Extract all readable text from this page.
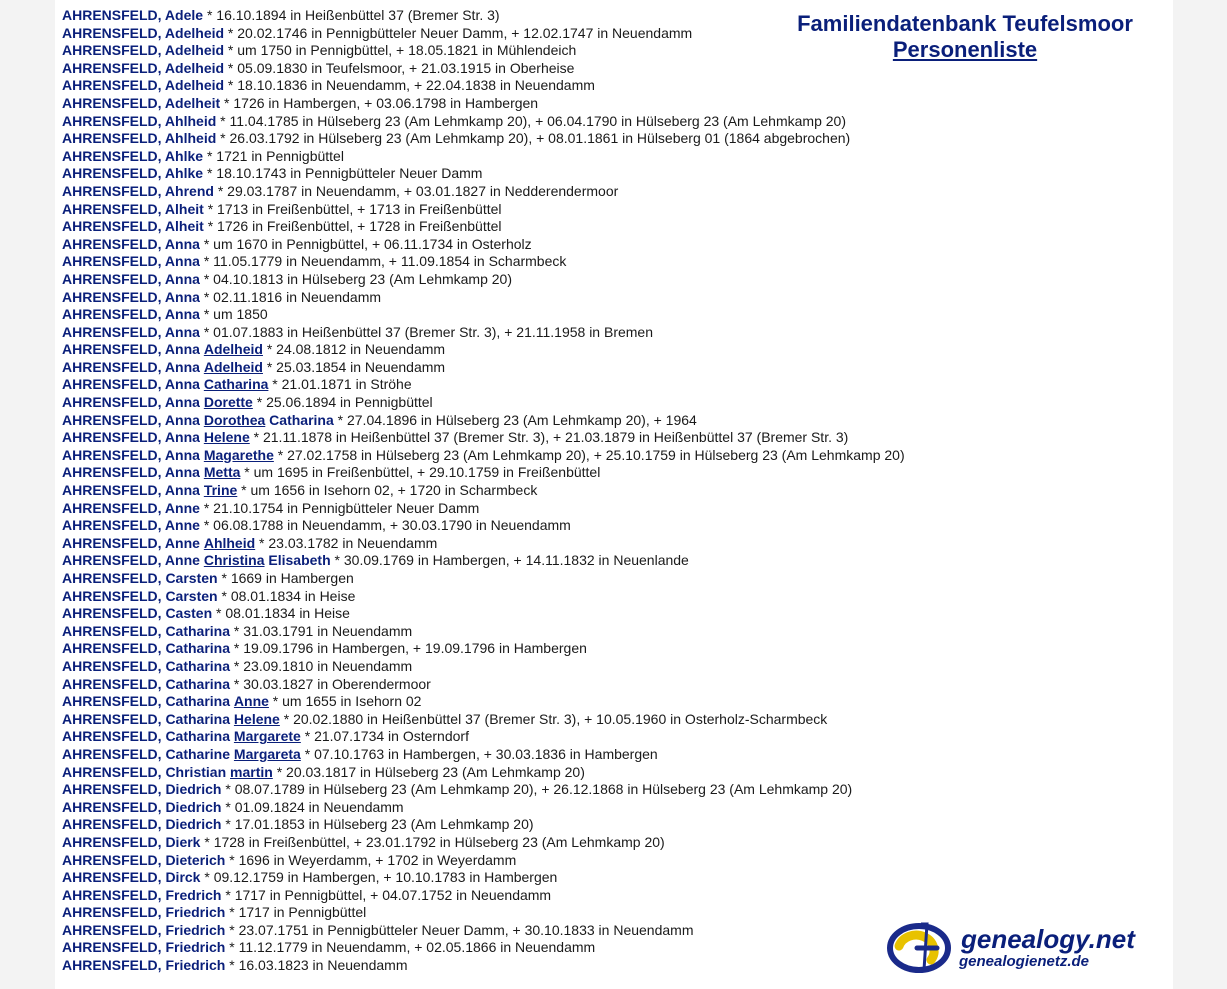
AHRENSFELD, Adele * 16.10.1894 in Heißenbüttel 37 (Bremer Str. 3)
AHRENSFELD, Adelheid * 20.02.1746 in Pennigbütteler Neuer Damm, + 12.02.1747 in Neuendamm
AHRENSFELD, Adelheid * um 1750 in Pennigbüttel, + 18.05.1821 in Mühlendeich
AHRENSFELD, Adelheid * 05.09.1830 in Teufelsmoor, + 21.03.1915 in Oberheise
AHRENSFELD, Adelheid * 18.10.1836 in Neuendamm, + 22.04.1838 in Neuendamm
AHRENSFELD, Adelheit * 1726 in Hambergen, + 03.06.1798 in Hambergen
AHRENSFELD, Ahlheid * 11.04.1785 in Hülseberg 23 (Am Lehmkamp 20), + 06.04.1790 in Hülseberg 23 (Am Lehmkamp 20)
AHRENSFELD, Ahlheid * 26.03.1792 in Hülseberg 23 (Am Lehmkamp 20), + 08.01.1861 in Hülseberg 01 (1864 abgebrochen)
AHRENSFELD, Ahlke * 1721 in Pennigbüttel
AHRENSFELD, Ahlke * 18.10.1743 in Pennigbütteler Neuer Damm
AHRENSFELD, Ahrend * 29.03.1787 in Neuendamm, + 03.01.1827 in Nedderendermoor
AHRENSFELD, Alheit * 1713 in Freißenbüttel, + 1713 in Freißenbüttel
AHRENSFELD, Alheit * 1726 in Freißenbüttel, + 1728 in Freißenbüttel
AHRENSFELD, Anna * um 1670 in Pennigbüttel, + 06.11.1734 in Osterholz
AHRENSFELD, Anna * 11.05.1779 in Neuendamm, + 11.09.1854 in Scharmbeck
AHRENSFELD, Anna * 04.10.1813 in Hülseberg 23 (Am Lehmkamp 20)
AHRENSFELD, Anna * 02.11.1816 in Neuendamm
AHRENSFELD, Anna * um 1850
AHRENSFELD, Anna * 01.07.1883 in Heißenbüttel 37 (Bremer Str. 3), + 21.11.1958 in Bremen
AHRENSFELD, Anna Adelheid * 24.08.1812 in Neuendamm
AHRENSFELD, Anna Adelheid * 25.03.1854 in Neuendamm
AHRENSFELD, Anna Catharina * 21.01.1871 in Ströhe
AHRENSFELD, Anna Dorette * 25.06.1894 in Pennigbüttel
AHRENSFELD, Anna Dorothea Catharina * 27.04.1896 in Hülseberg 23 (Am Lehmkamp 20), + 1964
AHRENSFELD, Anna Helene * 21.11.1878 in Heißenbüttel 37 (Bremer Str. 3), + 21.03.1879 in Heißenbüttel 37 (Bremer Str. 3)
AHRENSFELD, Anna Magarethe * 27.02.1758 in Hülseberg 23 (Am Lehmkamp 20), + 25.10.1759 in Hülseberg 23 (Am Lehmkamp 20)
AHRENSFELD, Anna Metta * um 1695 in Freißenbüttel, + 29.10.1759 in Freißenbüttel
AHRENSFELD, Anna Trine * um 1656 in Isehorn 02, + 1720 in Scharmbeck
AHRENSFELD, Anne * 21.10.1754 in Pennigbütteler Neuer Damm
AHRENSFELD, Anne * 06.08.1788 in Neuendamm, + 30.03.1790 in Neuendamm
AHRENSFELD, Anne Ahlheid * 23.03.1782 in Neuendamm
AHRENSFELD, Anne Christina Elisabeth * 30.09.1769 in Hambergen, + 14.11.1832 in Neuenlande
AHRENSFELD, Carsten * 1669 in Hambergen
AHRENSFELD, Carsten * 08.01.1834 in Heise
AHRENSFELD, Casten * 08.01.1834 in Heise
AHRENSFELD, Catharina * 31.03.1791 in Neuendamm
AHRENSFELD, Catharina * 19.09.1796 in Hambergen, + 19.09.1796 in Hambergen
AHRENSFELD, Catharina * 23.09.1810 in Neuendamm
AHRENSFELD, Catharina * 30.03.1827 in Oberendermoor
AHRENSFELD, Catharina Anne * um 1655 in Isehorn 02
AHRENSFELD, Catharina Helene * 20.02.1880 in Heißenbüttel 37 (Bremer Str. 3), + 10.05.1960 in Osterholz-Scharmbeck
AHRENSFELD, Catharina Margarete * 21.07.1734 in Osterndorf
AHRENSFELD, Catharine Margareta * 07.10.1763 in Hambergen, + 30.03.1836 in Hambergen
AHRENSFELD, Christian martin * 20.03.1817 in Hülseberg 23 (Am Lehmkamp 20)
AHRENSFELD, Diedrich * 08.07.1789 in Hülseberg 23 (Am Lehmkamp 20), + 26.12.1868 in Hülseberg 23 (Am Lehmkamp 20)
AHRENSFELD, Diedrich * 01.09.1824 in Neuendamm
AHRENSFELD, Diedrich * 17.01.1853 in Hülseberg 23 (Am Lehmkamp 20)
AHRENSFELD, Dierk * 1728 in Freißenbüttel, + 23.01.1792 in Hülseberg 23 (Am Lehmkamp 20)
AHRENSFELD, Dieterich * 1696 in Weyerdamm, + 1702 in Weyerdamm
AHRENSFELD, Dirck * 09.12.1759 in Hambergen, + 10.10.1783 in Hambergen
AHRENSFELD, Fredrich * 1717 in Pennigbüttel, + 04.07.1752 in Neuendamm
AHRENSFELD, Friedrich * 1717 in Pennigbüttel
AHRENSFELD, Friedrich * 23.07.1751 in Pennigbütteler Neuer Damm, + 30.10.1833 in Neuendamm
AHRENSFELD, Friedrich * 11.12.1779 in Neuendamm, + 02.05.1866 in Neuendamm
AHRENSFELD, Friedrich * 16.03.1823 in Neuendamm
Familiendatenbank Teufelsmoor
Personenliste
genealogy.net
genealogienetz.de
